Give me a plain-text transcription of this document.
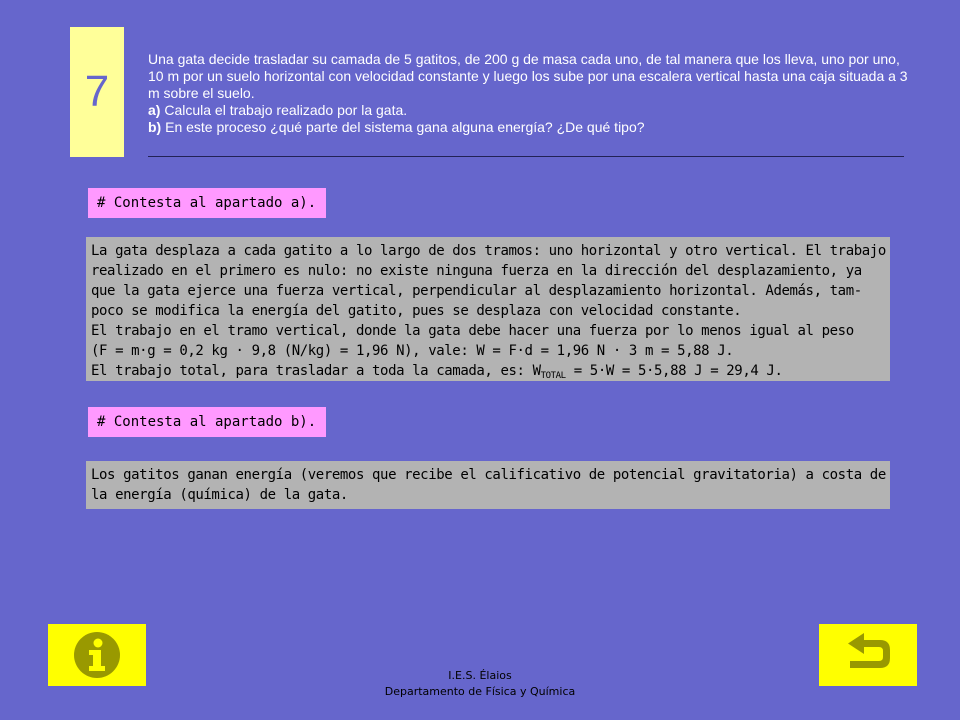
7
Una gata decide trasladar su camada de 5 gatitos, de 200 g de masa cada uno, de tal manera que los lleva, uno por uno, 10 m por un suelo horizontal con velocidad constante y luego los sube por una escalera vertical hasta una caja situada a 3 m sobre el suelo.
a) Calcula el trabajo realizado por la gata.
b) En este proceso ¿qué parte del sistema gana alguna energía? ¿De qué tipo?
# Contesta al apartado a).
La gata desplaza a cada gatito a lo largo de dos tramos: uno horizontal y otro vertical. El trabajo
realizado en el primero es nulo: no existe ninguna fuerza en la dirección del desplazamiento, ya
que la gata ejerce una fuerza vertical, perpendicular al desplazamiento horizontal. Además, tam-
poco se modifica la energía del gatito, pues se desplaza con velocidad constante.
El trabajo en el tramo vertical, donde la gata debe hacer una fuerza por lo menos igual al peso
(F = m·g = 0,2 kg · 9,8 (N/kg) = 1,96 N), vale: W = F·d = 1,96 N · 3 m = 5,88 J.
El trabajo total, para trasladar a toda la camada, es: $W_{TOTAL} = 5\cdot W = 5\cdot 5,88$ J = 29,4 J.
# Contesta al apartado b).
Los gatitos ganan energía (veremos que recibe el calificativo de potencial gravitatoria) a costa de
la energía (química) de la gata.
I.E.S. Élaios
Departamento de Física y Química
